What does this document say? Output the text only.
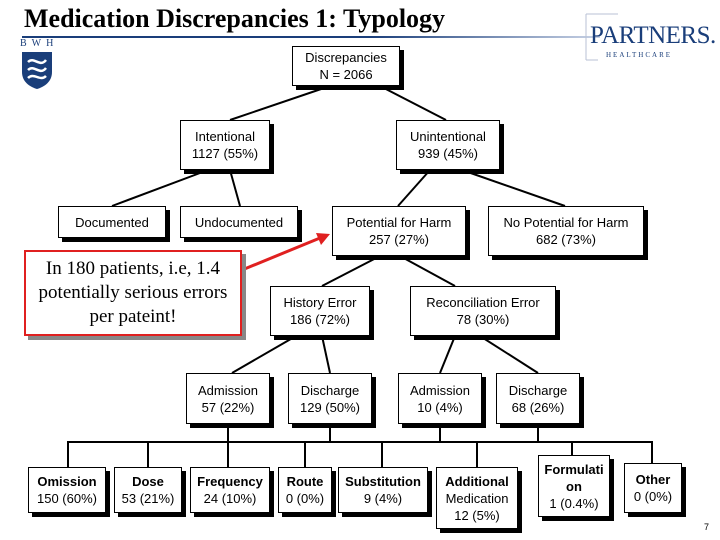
Medication Discrepancies 1: Typology
BWH	PARTNERS.
HEALTHCARE
Discrepancies
N = 2066
Intentional
1127 (55%)
Unintentional
939 (45%)
Documented	Undocumented	Potential for Harm
257 (27%)
No Potential for Harm
682 (73%)
In 180 patients, i.e, 1.4 potentially serious errors per pateint!
History Error
186 (72%)
Reconciliation Error
78 (30%)
Admission
57 (22%)
Discharge
129 (50%)
Admission
10 (4%)
Discharge
68 (26%)
Omission
150 (60%)
Dose
53 (21%)
Frequency
24 (10%)
Route
0 (0%)
Substitution
9 (4%)
Additional
Medication
12 (5%)
Formulati
on
1 (0.4%)
Other
0 (0%)
7
